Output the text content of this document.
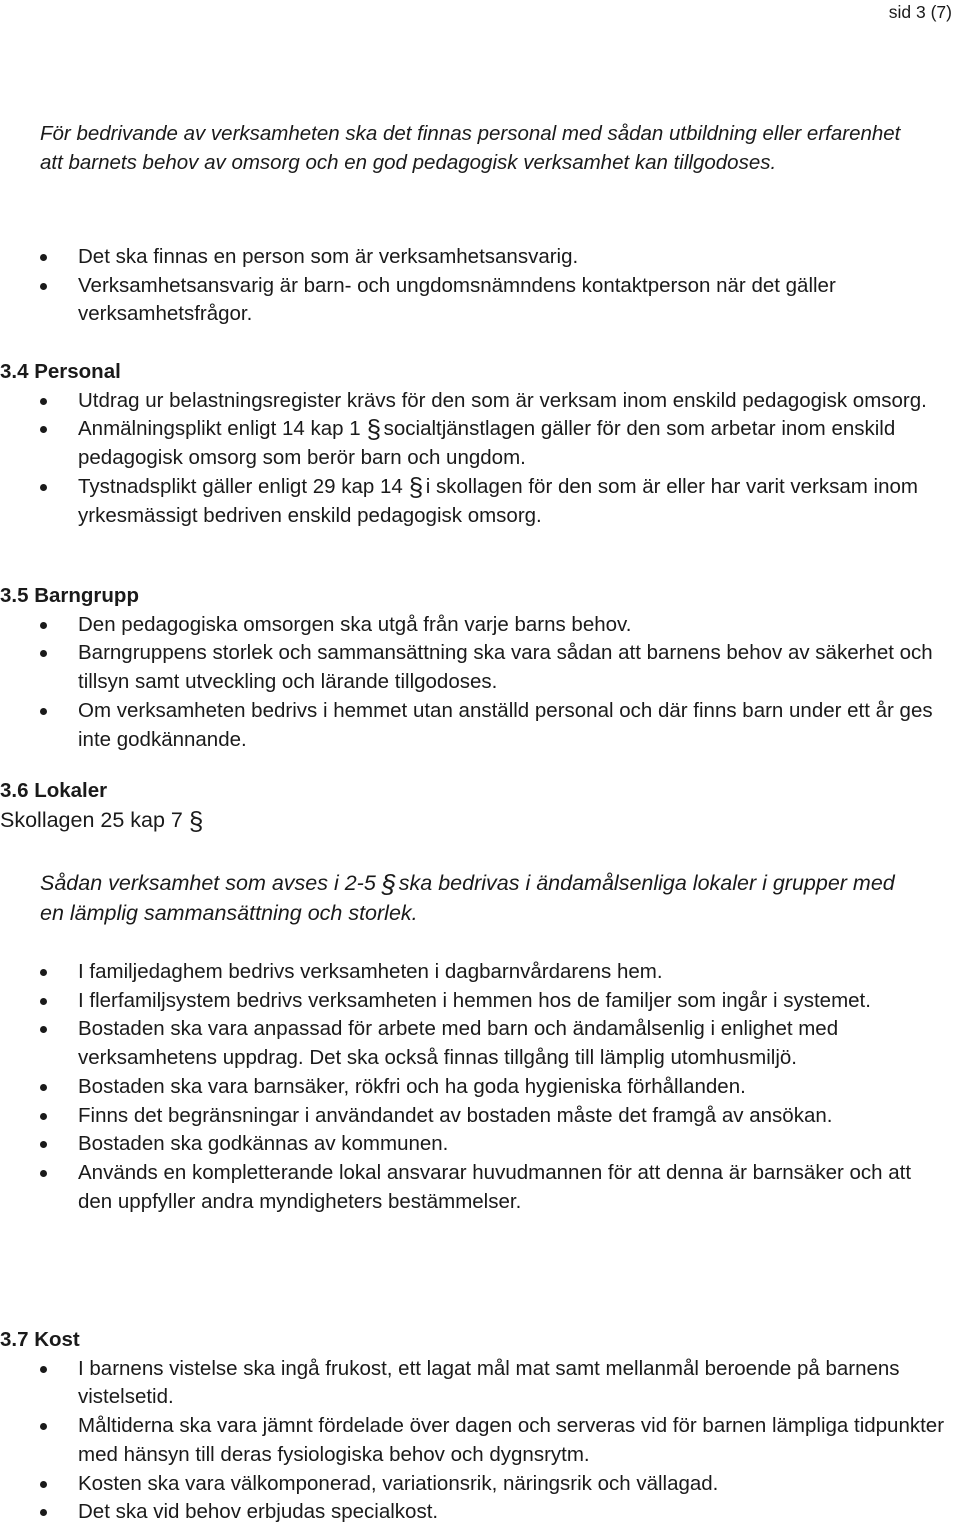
sid 3 (7)

För bedrivande av verksamheten ska det finnas personal med sådan utbildning eller erfarenhet att barnets behov av omsorg och en god pedagogisk verksamhet kan tillgodoses.

Det ska finnas en person som är verksamhetsansvarig.
Verksamhetsansvarig är barn- och ungdomsnämndens kontaktperson när det gäller verksamhetsfrågor.

3.4 Personal

Utdrag ur belastningsregister krävs för den som är verksam inom enskild pedagogisk omsorg.
Anmälningsplikt enligt 14 kap 1 § socialtjänstlagen gäller för den som arbetar inom enskild pedagogisk omsorg som berör barn och ungdom.
Tystnadsplikt gäller enligt 29 kap 14 § i skollagen för den som är eller har varit verksam inom yrkesmässigt bedriven enskild pedagogisk omsorg.

3.5 Barngrupp

Den pedagogiska omsorgen ska utgå från varje barns behov.
Barngruppens storlek och sammansättning ska vara sådan att barnens behov av säkerhet och tillsyn samt utveckling och lärande tillgodoses.
Om verksamheten bedrivs i hemmet utan anställd personal och där finns barn under ett år ges inte godkännande.

3.6 Lokaler

Skollagen 25 kap 7 §

Sådan verksamhet som avses i 2-5 § ska bedrivas i ändamålsenliga lokaler i grupper med en lämplig sammansättning och storlek.

I familjedaghem bedrivs verksamheten i dagbarnvårdarens hem.
I flerfamiljsystem bedrivs verksamheten i hemmen hos de familjer som ingår i systemet.
Bostaden ska vara anpassad för arbete med barn och ändamålsenlig i enlighet med verksamhetens uppdrag. Det ska också finnas tillgång till lämplig utomhusmiljö.
Bostaden ska vara barnsäker, rökfri och ha goda hygieniska förhållanden.
Finns det begränsningar i användandet av bostaden måste det framgå av ansökan.
Bostaden ska godkännas av kommunen.
Används en kompletterande lokal ansvarar huvudmannen för att denna är barnsäker och att den uppfyller andra myndigheters bestämmelser.

3.7 Kost

I barnens vistelse ska ingå frukost, ett lagat mål mat samt mellanmål beroende på barnens vistelsetid.
Måltiderna ska vara jämnt fördelade över dagen och serveras vid för barnen lämpliga tidpunkter med hänsyn till deras fysiologiska behov och dygnsrytm.
Kosten ska vara välkomponerad, variationsrik, näringsrik och vällagad.
Det ska vid behov erbjudas specialkost.
